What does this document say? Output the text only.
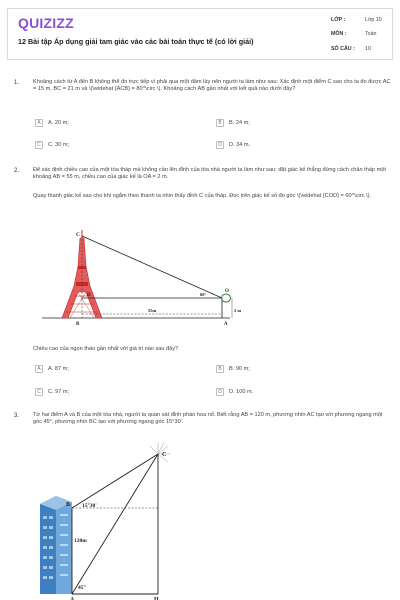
QUIZIZZ
12 Bài tập Áp dụng giải tam giác vào các bài toán thực tế (có lời giải)
LỚP :	Lớp 10
MÔN :	Toán
SỐ CÂU : 10
1. Khoảng cách từ A đến B không thể đo trực tiếp vì phải qua một đầm lầy nên người ta làm như sau: Xác định một điểm C sao cho ta đo được AC = 15 m, BC = 21 m và \(\widehat {ACB} = 80^\circ \). Khoảng cách AB gần nhất với kết quả nào dưới đây?
A	A. 20 m;	B	B. 24 m;
C	C. 30 m;	D	D. 34 m.
2. Để xác định chiều cao của một tòa tháp mà không cần lên đỉnh của tòa nhà người ta làm như sau: đặt giác kế thẳng đứng cách chân tháp một khoảng AB = 55 m, chiều cao của giác kế là OA = 2 m.
Quay thanh giác kế sao cho khi ngắm theo thanh ta nhìn thấy đỉnh C của tháp. Đọc trên giác kế số đo góc \(\widehat {COD} = 60^\circ \).
C
D
O
B	A
60°
55m	2 m
Chiều cao của ngọn tháo gần nhất với giá trị nào sau đây?
A	A. 87 m;	B	B. 90 m;
C	C. 97 m;	D	D. 100 m.
3. Từ hai điểm A và B của một tòa nhà, người ta quan sát đỉnh pháo hoa nổ. Biết rằng AB = 120 m, phương nhìn AC tạo với phương ngang một góc 45°, phương nhìn BC tạo với phương ngang góc 15°30'.
C
B
A	H
15°30'
120m
45°
